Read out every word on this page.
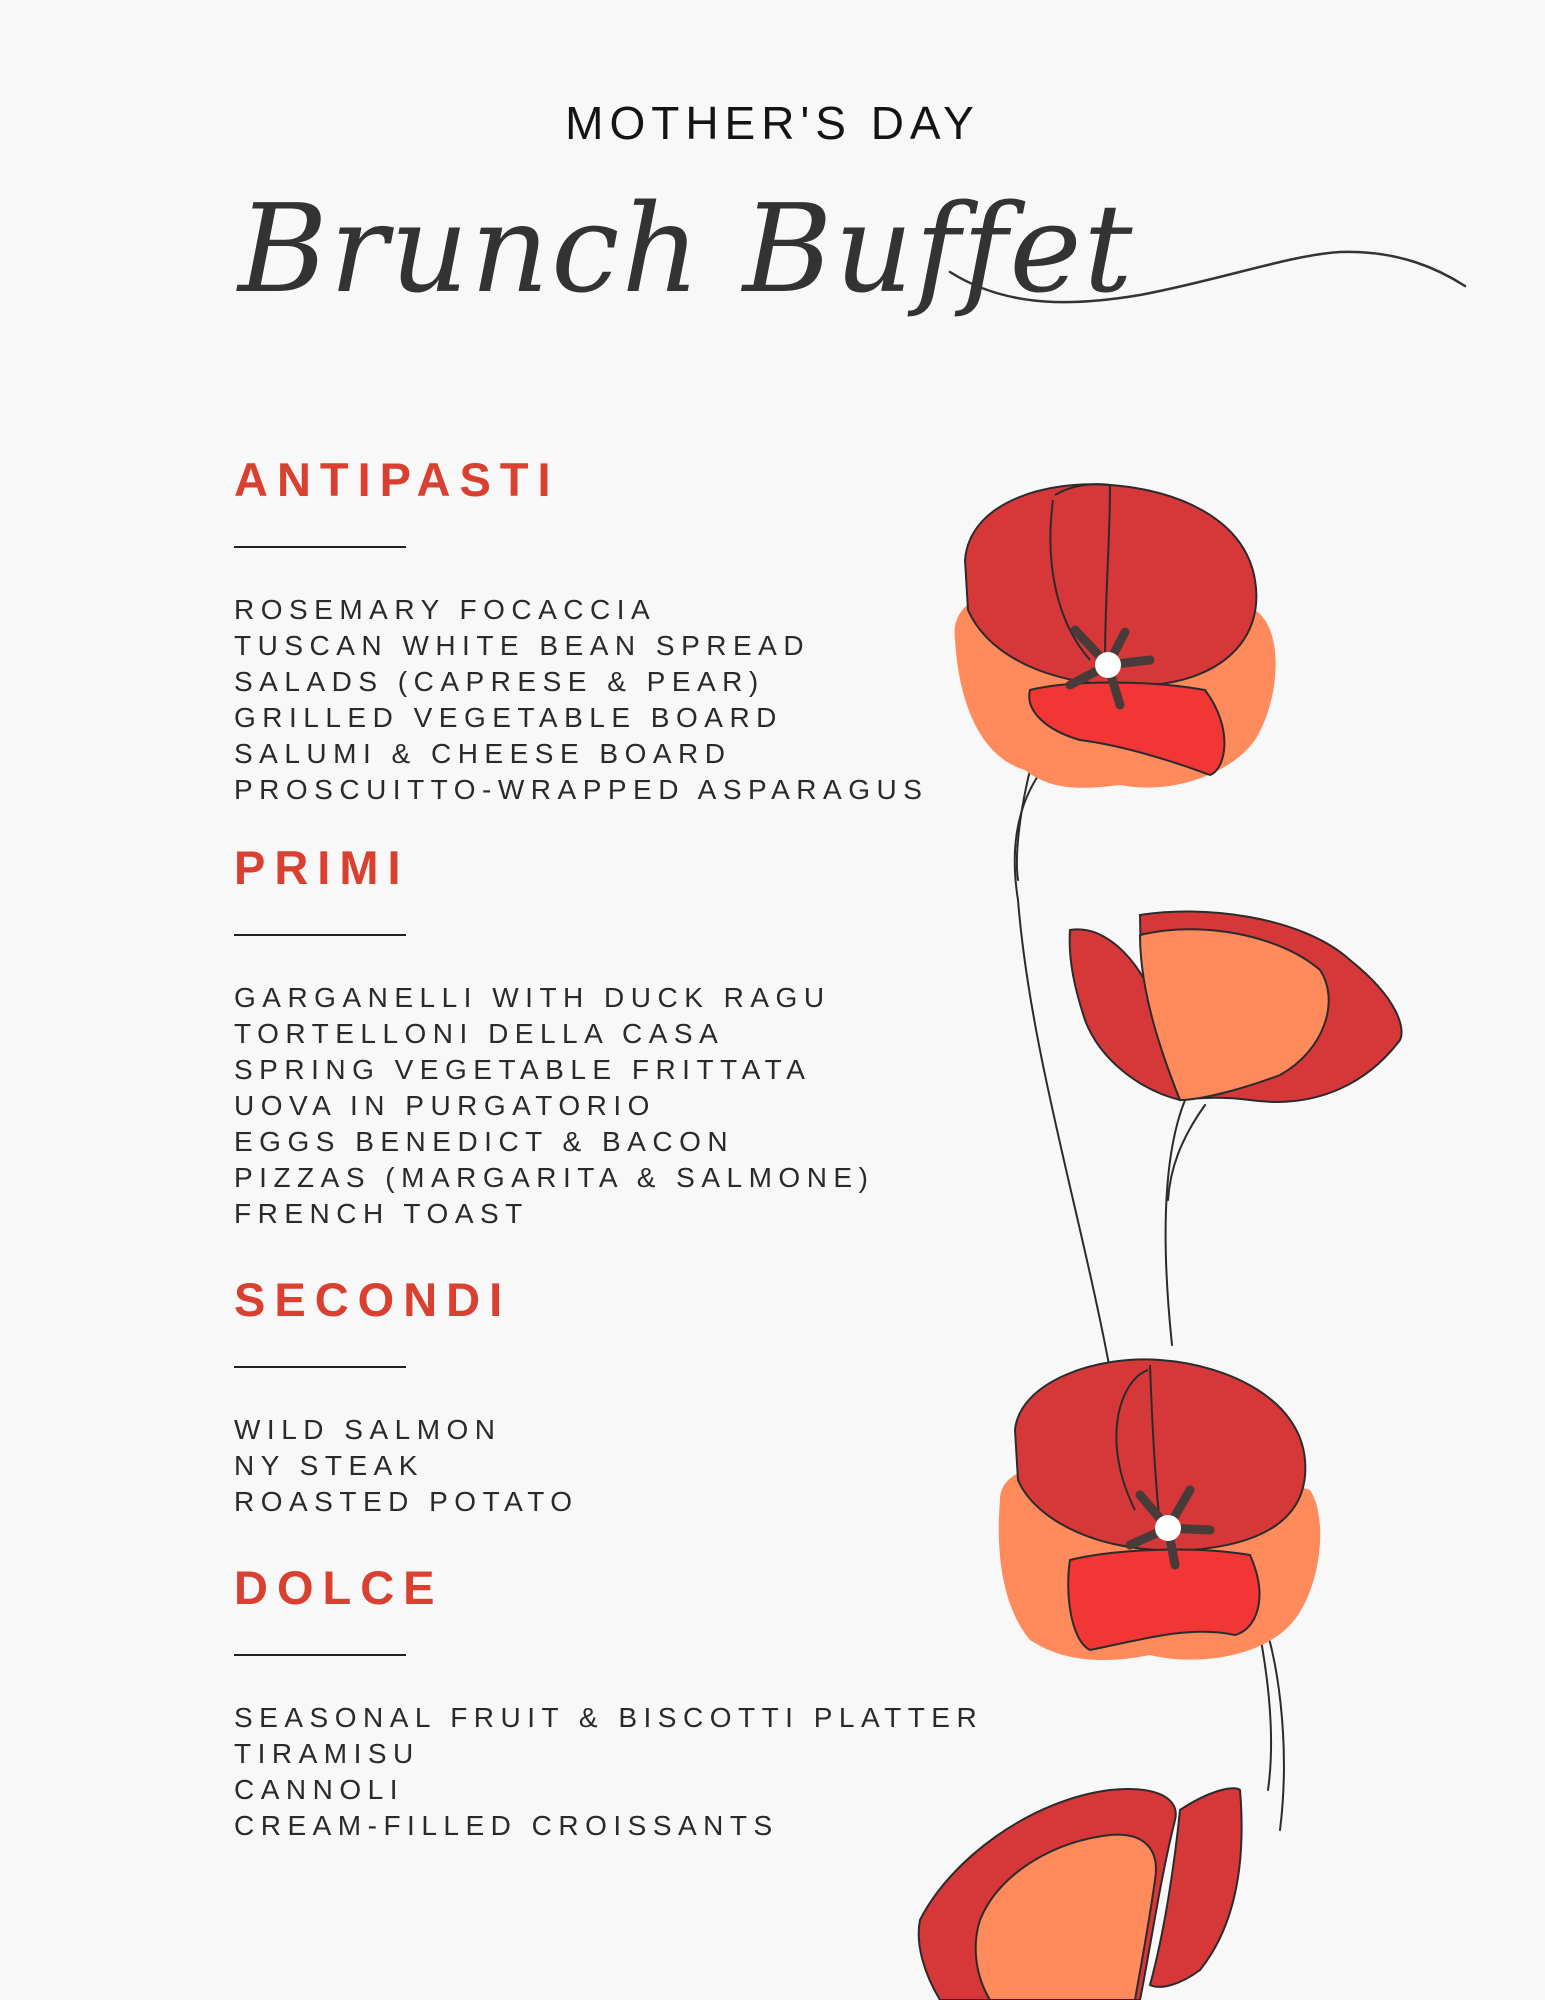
MOTHER'S DAY
Brunch Buffet
ANTIPASTI
ROSEMARY FOCACCIA
TUSCAN WHITE BEAN SPREAD
SALADS (CAPRESE & PEAR)
GRILLED VEGETABLE BOARD
SALUMI & CHEESE BOARD
PROSCUITTO-WRAPPED ASPARAGUS
PRIMI
GARGANELLI WITH DUCK RAGU
TORTELLONI DELLA CASA
SPRING VEGETABLE FRITTATA
UOVA IN PURGATORIO
EGGS BENEDICT & BACON
PIZZAS (MARGARITA & SALMONE)
FRENCH TOAST
SECONDI
WILD SALMON
NY STEAK
ROASTED POTATO
DOLCE
SEASONAL FRUIT & BISCOTTI PLATTER
TIRAMISU
CANNOLI
CREAM-FILLED CROISSANTS
